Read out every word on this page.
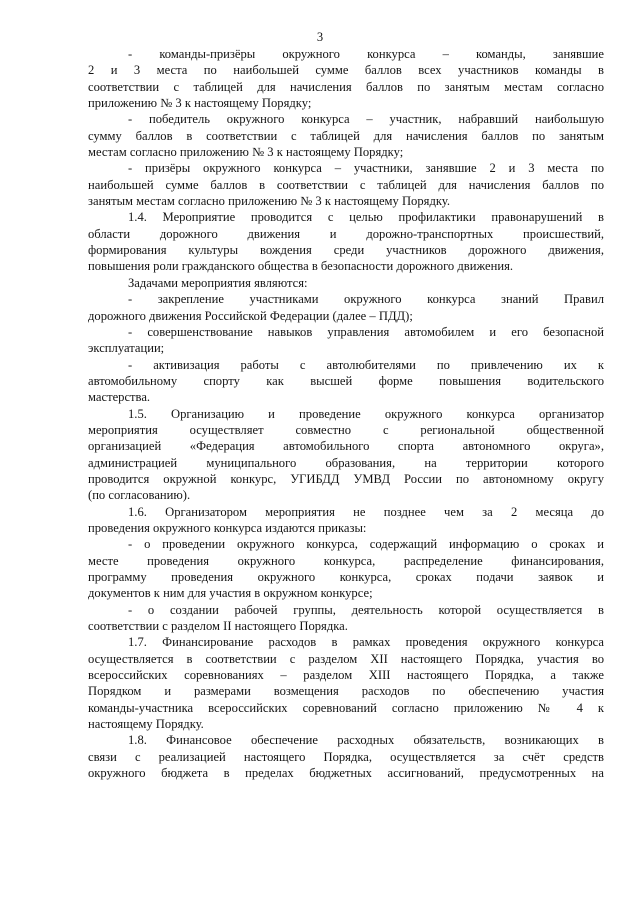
3
- команды-призёры окружного конкурса – команды, занявшие
2 и 3 места по наибольшей сумме баллов всех участников команды в
соответствии с таблицей для начисления баллов по занятым местам согласно
приложению № 3 к настоящему Порядку;
- победитель окружного конкурса – участник, набравший наибольшую
сумму баллов в соответствии с таблицей для начисления баллов по занятым
местам согласно приложению № 3 к настоящему Порядку;
- призёры окружного конкурса – участники, занявшие 2 и 3 места по
наибольшей сумме баллов в соответствии с таблицей для начисления баллов по
занятым местам согласно приложению № 3 к настоящему Порядку.
1.4. Мероприятие проводится с целью профилактики правонарушений в
области дорожного движения и дорожно-транспортных происшествий,
формирования культуры вождения среди участников дорожного движения,
повышения роли гражданского общества в безопасности дорожного движения.
Задачами мероприятия являются:
- закрепление участниками окружного конкурса знаний Правил
дорожного движения Российской Федерации (далее – ПДД);
- совершенствование навыков управления автомобилем и его безопасной
эксплуатации;
- активизация работы с автолюбителями по привлечению их к
автомобильному спорту как высшей форме повышения водительского
мастерства.
1.5. Организацию и проведение окружного конкурса организатор
мероприятия осуществляет совместно с региональной общественной
организацией «Федерация автомобильного спорта автономного округа»,
администрацией муниципального образования, на территории которого
проводится окружной конкурс, УГИБДД УМВД России по автономному округу
(по согласованию).
1.6. Организатором мероприятия не позднее чем за 2 месяца до
проведения окружного конкурса издаются приказы:
- о проведении окружного конкурса, содержащий информацию о сроках и
месте проведения окружного конкурса, распределение финансирования,
программу проведения окружного конкурса, сроках подачи заявок и
документов к ним для участия в окружном конкурсе;
- о создании рабочей группы, деятельность которой осуществляется в
соответствии с разделом II настоящего Порядка.
1.7. Финансирование расходов в рамках проведения окружного конкурса
осуществляется в соответствии с разделом XII настоящего Порядка, участия во
всероссийских соревнованиях – разделом XIII настоящего Порядка, а также
Порядком и размерами возмещения расходов по обеспечению участия
команды-участника всероссийских соревнований согласно приложению № 4 к
настоящему Порядку.
1.8. Финансовое обеспечение расходных обязательств, возникающих в
связи с реализацией настоящего Порядка, осуществляется за счёт средств
окружного бюджета в пределах бюджетных ассигнований, предусмотренных на
